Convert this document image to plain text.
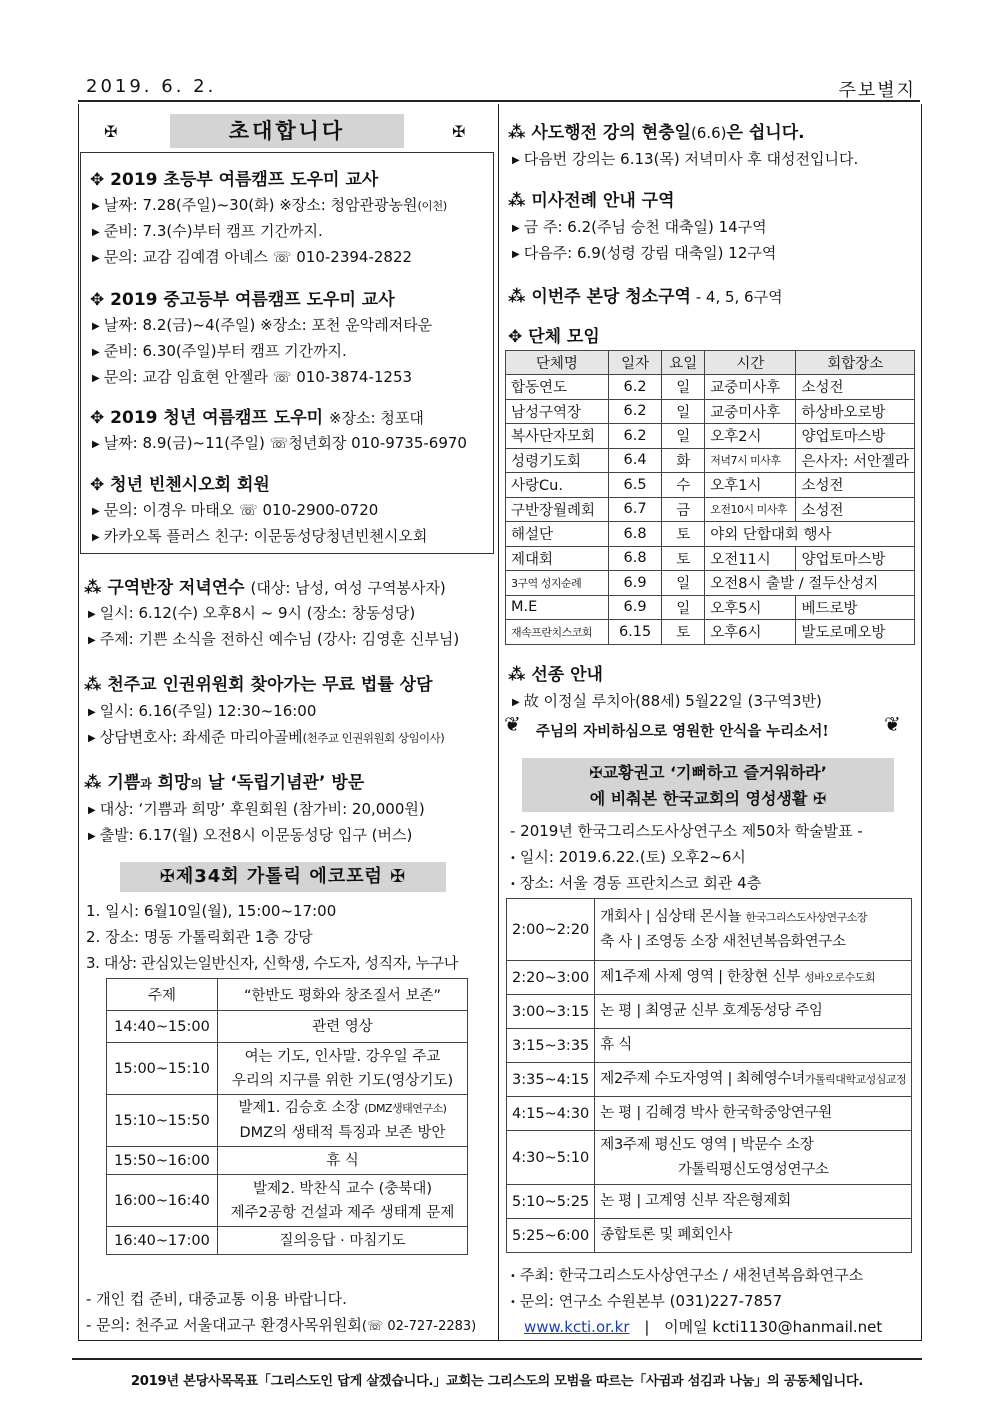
2019. 6. 2.	주보별지
✠	초대합니다	✠
✥ 2019 초등부 여름캠프 도우미 교사
▶ 날짜: 7.28(주일)~30(화) ※장소: 청암관광농원(이천)
▶ 준비: 7.3(수)부터 캠프 기간까지.
▶ 문의: 교감 김예겸 아녜스 ☏ 010-2394-2822
✥ 2019 중고등부 여름캠프 도우미 교사
▶ 날짜: 8.2(금)~4(주일) ※장소: 포천 운악레저타운
▶ 준비: 6.30(주일)부터 캠프 기간까지.
▶ 문의: 교감 임효현 안젤라 ☏ 010-3874-1253
✥ 2019 청년 여름캠프 도우미 ※장소: 청포대
▶ 날짜: 8.9(금)~11(주일) ☏청년회장 010-9735-6970
✥ 청년 빈첸시오회 회원
▶ 문의: 이경우 마태오 ☏ 010-2900-0720
▶ 카카오톡 플러스 친구: 이문동성당청년빈첸시오회
⁂ 구역반장 저녁연수 (대상: 남성, 여성 구역봉사자)
▶ 일시: 6.12(수) 오후8시 ~ 9시 (장소: 창동성당)
▶ 주제: 기쁜 소식을 전하신 예수님 (강사: 김영훈 신부님)
⁂ 천주교 인권위원회 찾아가는 무료 법률 상담
▶ 일시: 6.16(주일) 12:30~16:00
▶ 상담변호사: 좌세준 마리아골베(천주교 인권위원회 상임이사)
⁂ 기쁨과 희망의 날 ‘독립기념관’ 방문
▶ 대상: ‘기쁨과 희망’ 후원회원 (참가비: 20,000원)
▶ 출발: 6.17(월) 오전8시 이문동성당 입구 (버스)
✠제34회 가톨릭 에코포럼 ✠
1. 일시: 6월10일(월), 15:00~17:00
2. 장소: 명동 가톨릭회관 1층 강당
3. 대상: 관심있는일반신자, 신학생, 수도자, 성직자, 누구나
주제	“한반도 평화와 창조질서 보존”
14:40~15:00	관련 영상

15:00~15:10	여는 기도, 인사말. 강우일 주교
우리의 지구를 위한 기도(영상기도)

15:10~15:50	발제1. 김승호 소장 (DMZ생태연구소)
DMZ의 생태적 특징과 보존 방안

15:50~16:00	휴 식

16:00~16:40	발제2. 박찬식 교수 (충북대)
제주2공항 건설과 제주 생태계 문제

16:40~17:00	질의응답 · 마침기도
- 개인 컵 준비, 대중교통 이용 바랍니다.
- 문의: 천주교 서울대교구 환경사목위원회(☏ 02-727-2283)
⁂ 사도행전 강의 현충일(6.6)은 쉽니다.
▶ 다음번 강의는 6.13(목) 저녁미사 후 대성전입니다.
⁂ 미사전례 안내 구역
▶ 금 주: 6.2(주님 승천 대축일) 14구역
▶ 다음주: 6.9(성령 강림 대축일) 12구역
⁂ 이번주 본당 청소구역 - 4, 5, 6구역
✥ 단체 모임
단체명	일자	요일	시간	회합장소
합동연도	6.2	일	교중미사후	소성전
남성구역장	6.2	일	교중미사후	하상바오로방
복사단자모회	6.2	일	오후2시	양업토마스방
성령기도회	6.4	화	저녁7시 미사후	은사자: 서안젤라
사랑Cu.	6.5	수	오후1시	소성전
구반장월례회	6.7	금	오전10시 미사후	소성전
해설단	6.8	토	야외 단합대회 행사	
제대회	6.8	토	오전11시	양업토마스방
3구역 성지순례	6.9	일	오전8시 출발 / 절두산성지	
M.E	6.9	일	오후5시	베드로방
재속프란치스코회	6.15	토	오후6시	발도로메오방
⁂ 선종 안내
▶ 故 이정실 루치아(88세) 5월22일 (3구역3반)
❦ 주님의 자비하심으로 영원한 안식을 누리소서!	❦
✠교황권고 ‘기뻐하고 즐거워하라’
에 비춰본 한국교회의 영성생활 ✠
- 2019년 한국그리스도사상연구소 제50차 학술발표 -
• 일시: 2019.6.22.(토) 오후2~6시
• 장소: 서울 경동 프란치스코 회관 4층
2:00~2:20	개회사 | 심상태 몬시뇰 한국그리스도사상연구소장
축 사 | 조영동 소장 새천년복음화연구소

2:20~3:00	제1주제 사제 영역 | 한창현 신부 성바오로수도회

3:00~3:15	논 평 | 최영균 신부 호계동성당 주임

3:15~3:35	휴 식

3:35~4:15	제2주제 수도자영역 | 최혜영수녀가톨릭대학교성심교정

4:15~4:30	논 평 | 김혜경 박사 한국학중앙연구원

4:30~5:10	제3주제 평신도 영역 | 박문수 소장
가톨릭평신도영성연구소

5:10~5:25	논 평 | 고계영 신부 작은형제회

5:25~6:00	종합토론 및 폐회인사
• 주최: 한국그리스도사상연구소 / 새천년복음화연구소
• 문의: 연구소 수원본부 (031)227-7857
www.kcti.or.kr | 이메일 kcti1130@hanmail.net
2019년 본당사목목표「그리스도인 답게 살겠습니다.」교회는 그리스도의 모범을 따르는「사귐과 섬김과 나눔」의 공동체입니다.
